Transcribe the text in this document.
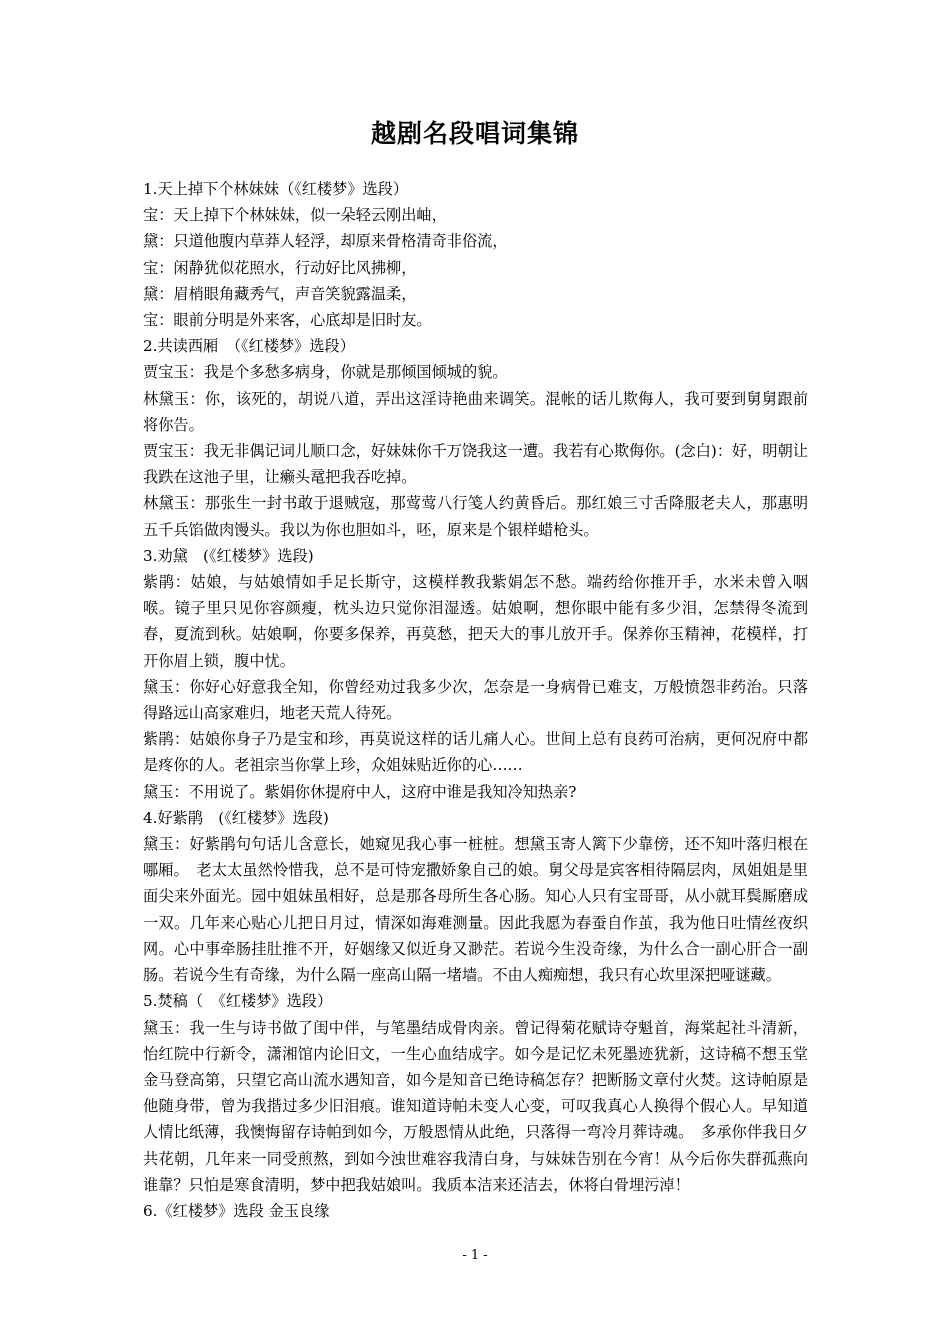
越剧名段唱词集锦

1.天上掉下个林妹妹（《红楼梦》选段）

宝：天上掉下个林妹妹，似一朵轻云刚出岫，

黛：只道他腹内草莽人轻浮，却原来骨格清奇非俗流，

宝：闲静犹似花照水，行动好比风拂柳，

黛：眉梢眼角藏秀气，声音笑貌露温柔，

宝：眼前分明是外来客，心底却是旧时友。

2.共读西厢　（《红楼梦》选段）

贾宝玉：我是个多愁多病身，你就是那倾国倾城的貌。

林黛玉：你，该死的，胡说八道，弄出这淫诗艳曲来调笑。混帐的话儿欺侮人，我可要到舅舅跟前将你告。

贾宝玉：我无非偶记词儿顺口念，好妹妹你千万饶我这一遭。我若有心欺侮你。(念白)：好，明朝让我跌在这池子里，让癞头鼋把我吞吃掉。

林黛玉：那张生一封书敢于退贼寇，那莺莺八行笺人约黄昏后。那红娘三寸舌降服老夫人，那惠明五千兵馅做肉馒头。我以为你也胆如斗，呸，原来是个银样蜡枪头。

3.劝黛　(《红楼梦》选段)

紫鹃：姑娘，与姑娘情如手足长斯守，这模样教我紫娟怎不愁。端药给你推开手，水米未曾入咽喉。镜子里只见你容颜瘦，枕头边只觉你泪湿透。姑娘啊，想你眼中能有多少泪，怎禁得冬流到春，夏流到秋。姑娘啊，你要多保养，再莫愁，把天大的事儿放开手。保养你玉精神，花模样，打开你眉上锁，腹中忧。

黛玉：你好心好意我全知，你曾经劝过我多少次，怎奈是一身病骨已难支，万般愤怨非药治。只落得路远山高家难归，地老天荒人待死。

紫鹃：姑娘你身子乃是宝和珍，再莫说这样的话儿痛人心。世间上总有良药可治病，更何况府中都是疼你的人。老祖宗当你掌上珍，众姐妹贴近你的心……

黛玉：不用说了。紫娟你休提府中人，这府中谁是我知冷知热亲?

4.好紫鹃　(《红楼梦》选段)

黛玉：好紫鹃句句话儿含意长，她窥见我心事一桩桩。想黛玉寄人篱下少靠傍，还不知叶落归根在哪厢。　老太太虽然怜惜我，总不是可恃宠撒娇象自己的娘。舅父母是宾客相待隔层肉，凤姐姐是里面尖来外面光。园中姐妹虽相好，总是那各母所生各心肠。知心人只有宝哥哥，从小就耳鬓厮磨成一双。几年来心贴心儿把日月过，情深如海难测量。因此我愿为春蚕自作茧，我为他日吐情丝夜织网。心中事牵肠挂肚推不开，好姻缘又似近身又渺茫。若说今生没奇缘，为什么合一副心肝合一副肠。若说今生有奇缘，为什么隔一座高山隔一堵墙。不由人痴痴想，我只有心坎里深把哑谜藏。

5.焚稿（　《红楼梦》选段）

黛玉：我一生与诗书做了闺中伴，与笔墨结成骨肉亲。曾记得菊花赋诗夺魁首，海棠起社斗清新，怡红院中行新令，潇湘馆内论旧文，一生心血结成字。如今是记忆未死墨迹犹新，这诗稿不想玉堂金马登高第，只望它高山流水遇知音，如今是知音已绝诗稿怎存？把断肠文章付火焚。这诗帕原是他随身带，曾为我揩过多少旧泪痕。谁知道诗帕未变人心变，可叹我真心人换得个假心人。早知道人情比纸薄，我懊悔留存诗帕到如今，万般恩情从此绝，只落得一弯冷月葬诗魂。　多承你伴我日夕共花朝，几年来一同受煎熬，到如今浊世难容我清白身，与妹妹告别在今宵！从今后你失群孤燕向谁靠？只怕是寒食清明，梦中把我姑娘叫。我质本洁来还洁去，休将白骨埋污淖！

6.《红楼梦》选段 金玉良缘

- 1 -
